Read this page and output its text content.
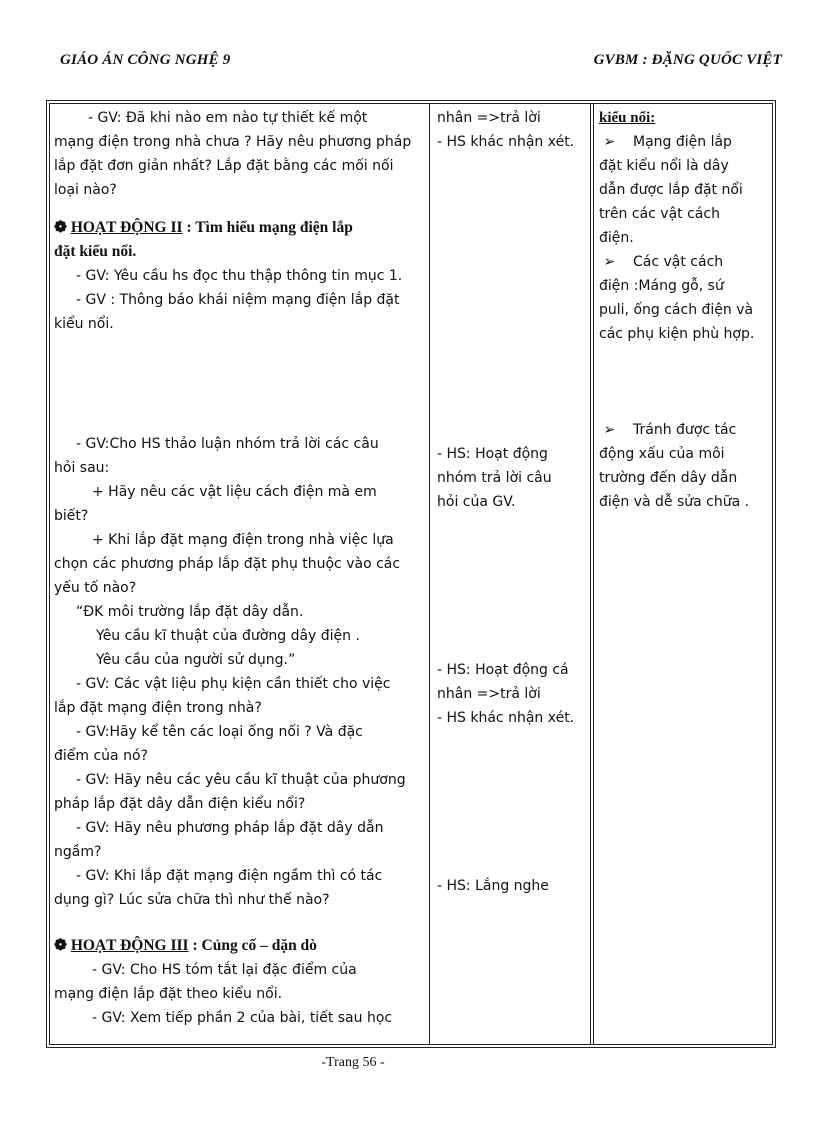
GIÁO ÁN CÔNG NGHỆ 9	GVBM : ĐẶNG QUỐC VIỆT

- GV: Đã khi nào em nào tự thiết kế một

mạng điện trong nhà chưa ? Hãy nêu phương pháp

lắp đặt đơn giản nhất? Lắp đặt bằng các mối nối

loại nào?

❁ HOẠT ĐỘNG II : Tìm hiểu mạng điện lắp

đặt kiểu nổi.

- GV: Yêu cầu hs đọc thu thập thông tin mục 1.

- GV : Thông báo khái niệm mạng điện lắp đặt

kiểu nổi.

- GV:Cho HS thảo luận nhóm trả lời các câu

hỏi sau:

+ Hãy nêu các vật liệu cách điện mà em

biết?

+ Khi lắp đặt mạng điện trong nhà việc lựa

chọn các phương pháp lắp đặt phụ thuộc vào các

yếu tố nào?

“ĐK môi trường lắp đặt dây dẫn.

Yêu cầu kĩ thuật của đường dây điện .

Yêu cầu của người sử dụng.”

- GV: Các vật liệu phụ kiện cần thiết cho việc

lắp đặt mạng điện trong nhà?

- GV:Hãy kể tên các loại ống nối ? Và đặc

điểm của nó?

- GV: Hãy nêu các yêu cầu kĩ thuật của phương

pháp lắp đặt dây dẫn điện kiểu nổi?

- GV: Hãy nêu phương pháp lắp đặt dây dẫn

ngầm?

- GV: Khi lắp đặt mạng điện ngầm thì có tác

dụng gì? Lúc sửa chữa thì như thế nào?

❁ HOẠT ĐỘNG III : Củng cố – dặn dò

- GV: Cho HS tóm tắt lại đặc điểm của

mạng điện lắp đặt theo kiểu nổi.

- GV: Xem tiếp phần 2 của bài, tiết sau học

nhân =>trả lời

- HS khác nhận xét.

- HS: Hoạt động

nhóm trả lời câu

hỏi của GV.

- HS: Hoạt động cá

nhân =>trả lời

- HS khác nhận xét.

- HS: Lắng nghe

kiểu nổi:

➢ Mạng điện lắp

đặt kiểu nổi là dây

dẫn được lắp đặt nổi

trên các vật cách

điện.

➢ Các vật cách

điện :Máng gỗ, sứ

puli, ống cách điện và

các phụ kiện phù hợp.

➢ Tránh được tác

động xấu của môi

trường đến dây dẫn

điện và dễ sửa chữa .

-Trang 56 -
